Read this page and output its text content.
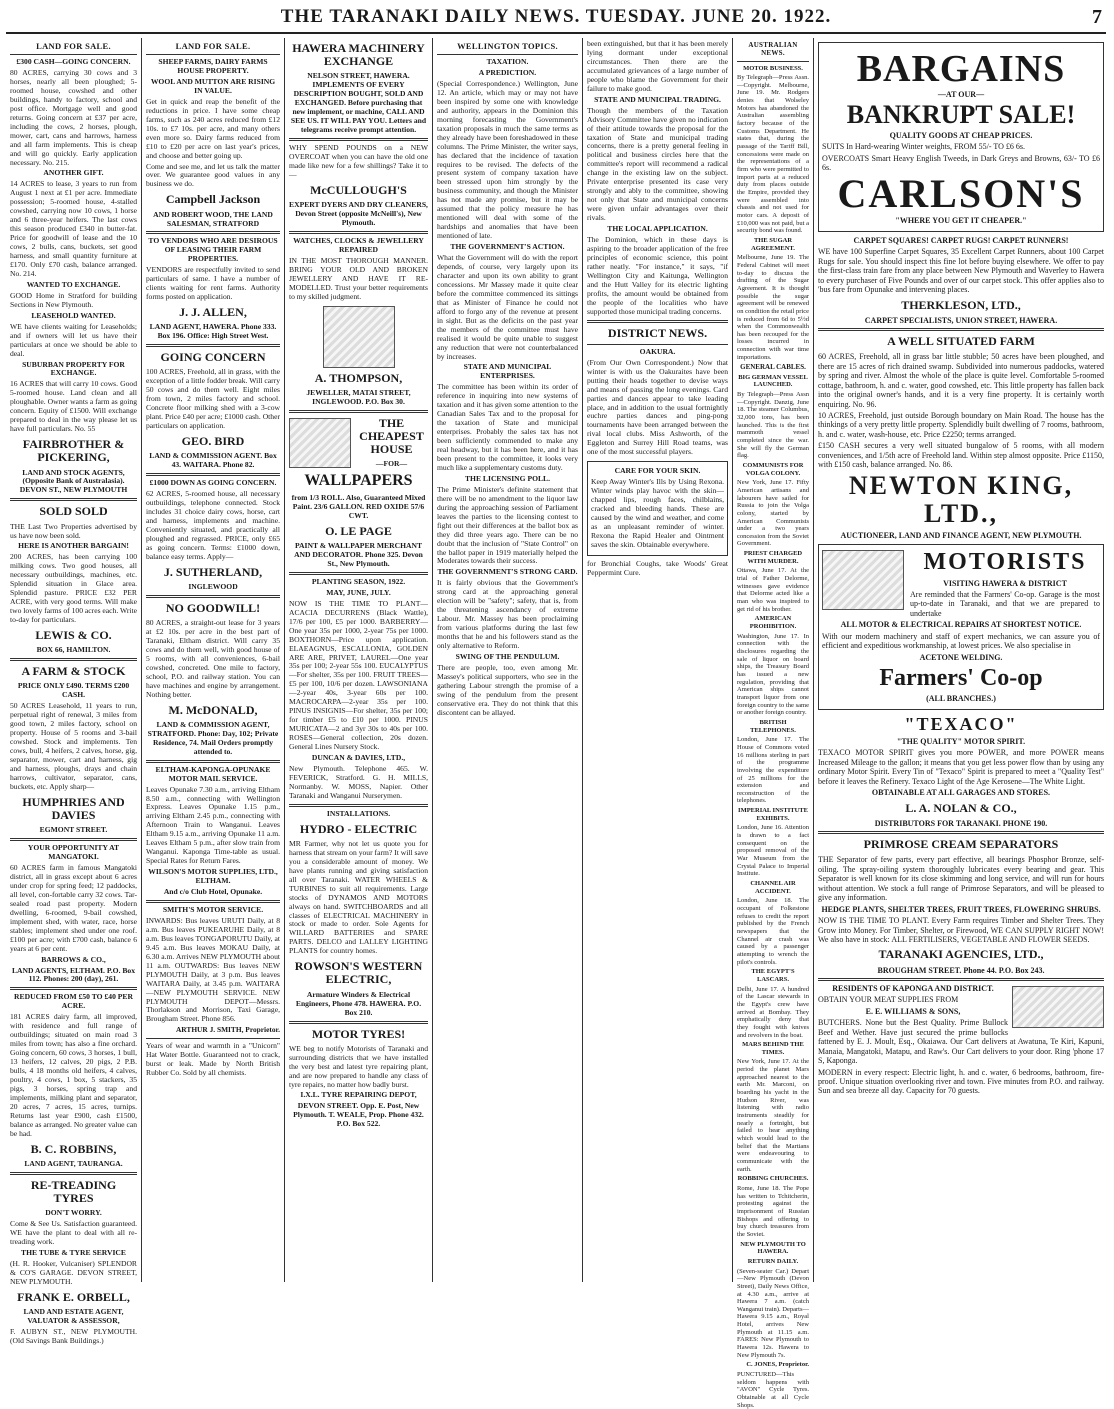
THE TARANAKI DAILY NEWS. TUESDAY. JUNE 20. 1922.	7
LAND FOR SALE.
£300 CASH—GOING CONCERN.
80 ACRES, carrying 30 cows and 3 horses, nearly all been ploughed; 5-roomed house, cowshed and other buildings, handy to factory, school and post office. Mortgage well and good returns. Going concern at £37 per acre, including the cows, 2 horses, plough, mower, cart, cans and harrows, harness and all farm implements. This is cheap and will go quickly. Early application necessary. No. 215.
ANOTHER GIFT.
14 ACRES to lease, 3 years to run from August 1 next at £1 per acre. Immediate possession; 5-roomed house, 4-stalled cowshed, carrying now 10 cows, 1 horse and 6 three-year heifers. The last cows this season produced £340 in butter-fat. Price for goodwill of lease and the 10 cows, 2 bulls, cans, buckets, set good harness, and small quantity furniture at £170. Only £70 cash, balance arranged. No. 214.
WANTED TO EXCHANGE.
GOOD Home in Stratford for building Sections in New Plymouth.
LEASEHOLD WANTED.
WE have clients waiting for Leaseholds; and if owners will let us have their particulars at once we should be able to deal.
SUBURBAN PROPERTY FOR EXCHANGE.
16 ACRES that will carry 10 cows. Good 5-roomed house. Land clean and all ploughable. Owner wants a farm as going concern. Equity of £1500. Will exchange prepared to deal in the way please let us have full particulars. No. 55
FAIRBROTHER & PICKERING,
LAND AND STOCK AGENTS, (Opposite Bank of Australasia). DEVON ST., NEW PLYMOUTH
SOLD SOLD
THE Last Two Properties advertised by us have now been sold.
HERE IS ANOTHER BARGAIN!
200 ACRES, has been carrying 100 milking cows. Two good houses, all necessary outbuildings, machines, etc. Splendid situation in Glace area. Splendid pasture. PRICE £32 PER ACRE, with very good terms. Will make two lovely farms of 100 acres each. Write to-day for particulars.
LEWIS & CO.
BOX 66, HAMILTON.
A FARM & STOCK
PRICE ONLY £490. TERMS £200 CASH.
50 ACRES Leasehold, 11 years to run, perpetual right of renewal, 3 miles from good town, 2 miles factory, school on property. House of 5 rooms and 3-bail cowshed. Stock and implements. Ten cows, bull, 4 heifers, 2 calves, horse, gig, separator, mower, cart and harness, gig and harness, ploughs, drays and chain harrows, cultivator, separator, cans, buckets, etc. Apply sharp—
HUMPHRIES AND DAVIES
EGMONT STREET.
YOUR OPPORTUNITY AT MANGATOKI.
60 ACRES farm in famous Mangatoki district, all in grass except about 6 acres under crop for spring feed; 12 paddocks, all level, con-fortable carry 32 cows. Tar-sealed road past property. Modern dwelling, 6-roomed, 9-bail cowshed, implement shed, with water, race, horse stables; implement shed under one roof. £100 per acre; with £700 cash, balance 6 years at 6 per cent.
BARROWS & CO.,
LAND AGENTS, ELTHAM. P.O. Box 112. Phones: 200 (day), 261.
REDUCED FROM £50 TO £40 PER ACRE.
181 ACRES dairy farm, all improved, with residence and full range of outbuildings; situated on main road 3 miles from town; has also a fine orchard. Going concern, 60 cows, 3 horses, 1 bull, 13 heifers, 12 calves, 20 pigs, 2 P.B. bulls, 4 18 months old heifers, 4 calves, poultry, 4 cows, 1 box, 5 stackers, 35 pigs, 3 horses, spring trap and implements, milking plant and separator, 20 acres, 7 acres, 15 acres, turnips. Returns last year £900, cash £1500, balance as arranged. No greater value can be had.
B. C. ROBBINS,
LAND AGENT, TAURANGA.
RE-TREADING TYRES
DON'T WORRY.
Come & See Us. Satisfaction guaranteed. WE have the plant to deal with all re-treading work.
THE TUBE & TYRE SERVICE
(H. R. Hooker, Vulcaniser) SPLENDOR & CO'S GARAGE. DEVON STREET, NEW PLYMOUTH.
FRANK E. ORBELL,
LAND AND ESTATE AGENT, VALUATOR & ASSESSOR,
F. AUBYN ST., NEW PLYMOUTH. (Old Savings Bank Buildings.)
LAND FOR SALE.
SHEEP FARMS, DAIRY FARMS HOUSE PROPERTY.
WOOL AND MUTTON ARE RISING IN VALUE.
Get in quick and reap the benefit of the reductions in price. I have some cheap farms, such as 240 acres reduced from £12 10s. to £7 10s. per acre, and many others even more so. Dairy farms reduced from £10 to £20 per acre on last year's prices, and choose and better going up.
Come and see me, and let us talk the matter over. We guarantee good values in any business we do.
Campbell Jackson
AND ROBERT WOOD, THE LAND SALESMAN, STRATFORD
TO VENDORS WHO ARE DESIROUS OF LEASING THEIR FARM PROPERTIES.
VENDORS are respectfully invited to send particulars of same. I have a number of clients waiting for rent farms. Authority forms posted on application.
J. J. ALLEN,
LAND AGENT, HAWERA. Phone 333. Box 196. Office: High Street West.
GOING CONCERN
100 ACRES, Freehold, all in grass, with the exception of a little fodder break. Will carry 50 cows and do them well. Eight miles from town, 2 miles factory and school. Concrete floor milking shed with a 3-cow plant. Price £40 per acre; £1000 cash. Other particulars on application.
GEO. BIRD
LAND & COMMISSION AGENT. Box 43. WAITARA. Phone 82.
£1000 DOWN AS GOING CONCERN.
62 ACRES, 5-roomed house, all necessary outbuildings, telephone connected. Stock includes 31 choice dairy cows, horse, cart and harness, implements and machine. Conveniently situated, and practically all ploughed and regrassed. PRICE, only £65 as going concern. Terms: £1000 down, balance easy terms. Apply—
J. SUTHERLAND,
INGLEWOOD
NO GOODWILL!
80 ACRES, a straight-out lease for 3 years at £2 10s. per acre in the best part of Taranaki, Eltham district. Will carry 35 cows and do them well, with good house of 5 rooms, with all conveniences, 6-bail cowshed, concreted. One mile to factory, school, P.O. and railway station. You can have machines and engine by arrangement. Nothing better.
M. McDONALD,
LAND & COMMISSION AGENT, STRATFORD. Phone: Day, 102; Private Residence, 74. Mail Orders promptly attended to.
ELTHAM-KAPONGA-OPUNAKE MOTOR MAIL SERVICE.
Leaves Opunake 7.30 a.m., arriving Eltham 8.50 a.m., connecting with Wellington Express. Leaves Opunake 1.15 p.m., arriving Eltham 2.45 p.m., connecting with Afternoon Train to Wanganui. Leaves Eltham 9.15 a.m., arriving Opunake 11 a.m. Leaves Eltham 5 p.m., after slow train from Wanganui. Kaponga Time-table as usual. Special Rates for Return Fares.
WILSON'S MOTOR SUPPLIES, LTD., ELTHAM.
And c/o Club Hotel, Opunake.
SMITH'S MOTOR SERVICE.
INWARDS: Bus leaves URUTI Daily, at 8 a.m. Bus leaves PUKEARUHE Daily, at 8 a.m. Bus leaves TONGAPORUTU Daily, at 9.45 a.m. Bus leaves MOKAU Daily, at 6.30 a.m. Arrives NEW PLYMOUTH about 11 a.m. OUTWARDS: Bus leaves NEW PLYMOUTH Daily, at 3 p.m. Bus leaves WAITARA Daily, at 3.45 p.m. WAITARA—NEW PLYMOUTH SERVICE. NEW PLYMOUTH DEPOT—Messrs. Thorlakson and Morrison, Taxi Garage, Brougham Street. Phone 856.
ARTHUR J. SMITH, Proprietor.
Years of wear and warmth in a "Unicorn" Hat Water Bottle. Guaranteed not to crack, burst or leak. Made by North British Rubber Co. Sold by all chemists.
HAWERA MACHINERY EXCHANGE
NELSON STREET, HAWERA. IMPLEMENTS OF EVERY DESCRIPTION BOUGHT, SOLD AND EXCHANGED. Before purchasing that new implement, or machine, CALL AND SEE US. IT WILL PAY YOU. Letters and telegrams receive prompt attention.
WHY SPEND POUNDS on a NEW OVERCOAT when you can have the old one made like new for a few shillings? Take it to—
McCULLOUGH'S
EXPERT DYERS AND DRY CLEANERS, Devon Street (opposite McNeill's), New Plymouth.
WATCHES, CLOCKS & JEWELLERY REPAIRED
IN THE MOST THOROUGH MANNER. BRING YOUR OLD AND BROKEN JEWELLERY AND HAVE IT RE-MODELLED. Trust your better requirements to my skilled judgment.
A. THOMPSON,
JEWELLER, MATAI STREET, INGLEWOOD. P.O. Box 30.
THE CHEAPEST HOUSE
—FOR—
WALLPAPERS
from 1/3 ROLL. Also, Guaranteed Mixed Paint. 23/6 GALLON. RED OXIDE 57/6 CWT.
O. LE PAGE
PAINT & WALLPAPER MERCHANT AND DECORATOR. Phone 325. Devon St., New Plymouth.
PLANTING SEASON, 1922.
MAY, JUNE, JULY.
NOW IS THE TIME TO PLANT— ACACIA DECURRENS (Black Wattle), 17/6 per 100, £5 per 1000. BARBERRY—One year 35s per 1000, 2-year 75s per 1000. BOXTHORN—Price upon application. ELAEAGNUS, ESCALLONIA, GOLDEN ARE ARE, PRIVET, LAUREL—One year 35s per 100; 2-year 55s 100. EUCALYPTUS—For shelter, 35s per 100. FRUIT TREES—£5 per 100, 10/6 per dozen. LAWSONIANA—2-year 40s, 3-year 60s per 100. MACROCARPA—2-year 35s per 100. PINUS INSIGNIS—For shelter, 35s per 100; for timber £5 to £10 per 1000. PINUS MURICATA—2 and 3yr 30s to 40s per 100. ROSES—General collection, 20s dozen. General Lines Nursery Stock.
DUNCAN & DAVIES, LTD.,
New Plymouth. Telephone 465. W. FEVERICK, Stratford. G. H. MILLS, Normanby. W. MOSS, Napier. Other Taranaki and Wanganui Nurserymen.
INSTALLATIONS.
HYDRO - ELECTRIC
MR Farmer, why not let us quote you for harness that stream on your farm? It will save you a considerable amount of money. We have plants running and giving satisfaction all over Taranaki. WATER WHEELS & TURBINES to suit all requirements. Large stocks of DYNAMOS AND MOTORS always on hand. SWITCHBOARDS and all classes of ELECTRICAL MACHINERY in stock or made to order. Sole Agents for WILLARD BATTERIES and SPARE PARTS. DELCO and LALLEY LIGHTING PLANTS for country homes.
ROWSON'S WESTERN ELECTRIC,
Armature Winders & Electrical Engineers, Phone 478. HAWERA. P.O. Box 210.
MOTOR TYRES!
WE beg to notify Motorists of Taranaki and surrounding districts that we have installed the very best and latest tyre repairing plant, and are now prepared to handle any class of tyre repairs, no matter how badly burst.
I.X.L. TYRE REPAIRING DEPOT,
DEVON STREET. Opp. E. Post, New Plymouth. T. WEALE, Prop. Phone 432. P.O. Box 522.
WELLINGTON TOPICS.
TAXATION.
A PREDICTION.
(Special Correspondence.) Wellington, June 12. An article, which may or may not have been inspired by some one with knowledge and authority, appears in the Dominion this morning forecasting the Government's taxation proposals in much the same terms as they already have been foreshadowed in these columns. The Prime Minister, the writer says, has declared that the incidence of taxation requires to be revised. The defects of the present system of company taxation have been stressed upon him strongly by the business community, and though the Minister has not made any promise, but it may be assumed that the policy measure he has mentioned will deal with some of the hardships and anomalies that have been mentioned of late.
THE GOVERNMENT'S ACTION.
What the Government will do with the report depends, of course, very largely upon its character and upon its own ability to grant concessions. Mr Massey made it quite clear before the committee commenced its sittings that as Minister of Finance he could not afford to forgo any of the revenue at present in sight. But as the deficits on the past year the members of the committee must have realised it would be quite unable to suggest any reduction that were not counterbalanced by increases.
STATE AND MUNICIPAL ENTERPRISES.
The committee has been within its order of reference in inquiring into new systems of taxation and it has given some attention to the Canadian Sales Tax and to the proposal for the taxation of State and municipal enterprises. Probably the sales tax has not been sufficiently commended to make any real headway, but it has been here, and it has been present to the committee, it looks very much like a supplementary customs duty.
THE LICENSING POLL.
The Prime Minister's definite statement that there will be no amendment to the liquor law during the approaching session of Parliament leaves the parties to the licensing contest to fight out their differences at the ballot box as they did three years ago. There can be no doubt that the inclusion of "State Control" on the ballot paper in 1919 materially helped the Moderates towards their success.
THE GOVERNMENT'S STRONG CARD.
It is fairly obvious that the Government's strong card at the approaching general election will be "safety"; safety, that is, from the threatening ascendancy of extreme Labour. Mr. Massey has been proclaiming from various platforms during the last few months that he and his followers stand as the only alternative to Reform.
SWING OF THE PENDULUM.
There are people, too, even among Mr. Massey's political supporters, who see in the gathering Labour strength the promise of a swing of the pendulum from the present conservative era. They do not think that this discontent can be allayed.
been extinguished, but that it has been merely lying dormant under exceptional circumstances. Then there are the accumulated grievances of a large number of people who blame the Government for their failure to make good.
STATE AND MUNICIPAL TRADING.
Though the members of the Taxation Advisory Committee have given no indication of their attitude towards the proposal for the taxation of State and municipal trading concerns, there is a pretty general feeling in political and business circles here that the committee's report will recommend a radical change in the existing law on the subject. Private enterprise presented its case very strongly and ably to the committee, showing not only that State and municipal concerns were given unfair advantages over their rivals.
THE LOCAL APPLICATION.
The Dominion, which in these days is aspiring to the broader application of the free principles of economic science, this point rather neatly. "For instance," it says, "if Wellington City and Kaitunga, Wellington and the Hutt Valley for its electric lighting profits, the amount would be obtained from the people of the localities who have supported those municipal trading concerns.
DISTRICT NEWS.
OAKURA.
(From Our Own Correspondent.) Now that winter is with us the Oakuraites have been putting their heads together to devise ways and means of passing the long evenings. Card parties and dances appear to take leading place, and in addition to the usual fortnightly euchre parties dances and ping-pong tournaments have been arranged between the rival local clubs. Miss Ashworth, of the Eggleton and Surrey Hill Road teams, was one of the most successful players.
CARE FOR YOUR SKIN.
Keep Away Winter's Ills by Using Rexona. Winter winds play havoc with the skin—chapped lips, rough faces, chilblains, cracked and bleeding hands. These are caused by the wind and weather, and come as an unpleasant reminder of winter. Rexona the Rapid Healer and Ointment saves the skin. Obtainable everywhere.
for Bronchial Coughs, take Woods' Great Peppermint Cure.
BARGAINS
—AT OUR—
BANKRUPT SALE!
QUALITY GOODS AT CHEAP PRICES.
SUITS In Hard-wearing Winter weights, FROM 55/- TO £6 6s.
OVERCOATS Smart Heavy English Tweeds, in Dark Greys and Browns, 63/- TO £6 6s.
CARLSON'S
"WHERE YOU GET IT CHEAPER."
CARPET SQUARES! CARPET RUGS! CARPET RUNNERS!
WE have 100 Superfine Carpet Squares, 35 Excellent Carpet Runners, about 100 Carpet Rugs for sale. You should inspect this fine lot before buying elsewhere. We offer to pay the first-class train fare from any place between New Plymouth and Waverley to Hawera to every purchaser of Five Pounds and over of our carpet stock. This offer applies also to 'bus fare from Opunake and intervening places.
THERKLESON, LTD.,
CARPET SPECIALISTS, UNION STREET, HAWERA.
A WELL SITUATED FARM
60 ACRES, Freehold, all in grass bar little stubble; 50 acres have been ploughed, and there are 15 acres of rich drained swamp. Subdivided into numerous paddocks, watered by spring and river. Almost the whole of the place is quite level. Comfortable 5-roomed cottage, bathroom, h. and c. water, good cowshed, etc. This little property has fallen back into the original owner's hands, and it is a very fine property. It is certainly worth enquiring. No. 96.
10 ACRES, Freehold, just outside Borough boundary on Main Road. The house has the thinkings of a very pretty little property. Splendidly built dwelling of 7 rooms, bathroom, h. and c. water, wash-house, etc. Price £2250; terms arranged.
£150 CASH secures a very well situated bungalow of 5 rooms, with all modern conveniences, and 1/5th acre of Freehold land. Within step almost opposite. Price £1150, with £150 cash, balance arranged. No. 86.
NEWTON KING, LTD.,
AUCTIONEER, LAND AND FINANCE AGENT, NEW PLYMOUTH.
MOTORISTS
VISITING HAWERA & DISTRICT
Are reminded that the Farmers' Co-op. Garage is the most up-to-date in Taranaki, and that we are prepared to undertake
ALL MOTOR & ELECTRICAL REPAIRS AT SHORTEST NOTICE.
With our modern machinery and staff of expert mechanics, we can assure you of efficient and expeditious workmanship, at lowest prices. We also specialise in
ACETONE WELDING.
Farmers' Co-op
(ALL BRANCHES.)
"TEXACO"
"THE QUALITY" MOTOR SPIRIT.
TEXACO MOTOR SPIRIT gives you more POWER, and more POWER means Increased Mileage to the gallon; it means that you get less power flow than by using any ordinary Motor Spirit. Every Tin of "Texaco" Spirit is prepared to meet a "Quality Test" before it leaves the Refinery. Texaco Light of the Age Kerosene—The White Light.
OBTAINABLE AT ALL GARAGES AND STORES.
L. A. NOLAN & CO.,
DISTRIBUTORS FOR TARANAKI. PHONE 190.
PRIMROSE CREAM SEPARATORS
THE Separator of few parts, every part effective, all bearings Phosphor Bronze, self-oiling. The spray-oiling system thoroughly lubricates every bearing and gear. This Separator is well known for its close skimming and long service, and will run for hours without attention. We stock a full range of Primrose Separators, and will be pleased to give any information.
HEDGE PLANTS, SHELTER TREES, FRUIT TREES, FLOWERING SHRUBS.
NOW IS THE TIME TO PLANT. Every Farm requires Timber and Shelter Trees. They Grow into Money. For Timber, Shelter, or Firewood, WE CAN SUPPLY RIGHT NOW! We also have in stock: ALL FERTILISERS, VEGETABLE AND FLOWER SEEDS.
TARANAKI AGENCIES, LTD.,
BROUGHAM STREET. Phone 44. P.O. Box 243.
RESIDENTS OF KAPONGA AND DISTRICT.
OBTAIN YOUR MEAT SUPPLIES FROM
E. E. WILLIAMS & SONS,
BUTCHERS. None but the Best Quality. Prime Bullock Beef and Wether. Have just secured the prime bullocks fattened by E. J. Moult, Esq., Okaiawa. Our Cart delivers at Awatuna, Te Kiri, Kapuni, Manaia, Mangatoki, Matapu, and Raw's. Our Cart delivers to your door. Ring 'phone 17 S, Kaponga.
MODERN in every respect: Electric light, h. and c. water, 6 bedrooms, bathroom, fire-proof. Unique situation overlooking river and town. Five minutes from P.O. and railway. Sun and sea breeze all day. Capacity for 70 guests.
AUSTRALIAN NEWS.
MOTOR BUSINESS.
By Telegraph—Press Assn.—Copyright. Melbourne, June 19. Mr. Rodgers denies that Wolseley Motors has abandoned the Australian assembling factory because of the Customs Department. He states that, during the passage of the Tariff Bill, concessions were made on the representations of a firm who were permitted to import parts at a reduced duty from places outside the Empire, provided they were assembled into chassis and not used for motor cars. A deposit of £10,000 was not paid, but a security bond was found.
THE SUGAR AGREEMENT.
Melbourne, June 19. The Federal Cabinet will meet to-day to discuss the drafting of the Sugar Agreement. It is thought possible the sugar agreement will be renewed on condition the retail price is reduced from 6d to 5½d when the Commonwealth has been recouped for the losses incurred in connection with war time importations.
GENERAL CABLES.
BIG GERMAN VESSEL LAUNCHED.
By Telegraph—Press Assn—Copyright. Danzig, June 18. The steamer Columbus, 32,000 tons, has been launched. This is the first mammoth vessel completed since the war. She will fly the German flag.
COMMUNISTS FOR VOLGA COLONY.
New York, June 17. Fifty American artisans and labourers have sailed for Russia to join the Volga colony, started by American Communists under a two years concession from the Soviet Government.
PRIEST CHARGED WITH MURDER.
Ottawa, June 17. At the trial of Father Delorme, witnesses gave evidence that Delorme acted like a man who was inspired to get rid of his brother.
AMERICAN PROHIBITION.
Washington, June 17. In connection with the disclosures regarding the sale of liquor on board ships, the Treasury Board has issued a new regulation, providing that American ships cannot transport liquor from one foreign country to the same or another foreign country.
BRITISH TELEPHONES.
London, June 17. The House of Commons voted 16 millions sterling in part of the programme involving the expenditure of 25 millions for the extension and reconstruction of the telephones.
IMPERIAL INSTITUTE EXHIBITS.
London, June 16. Attention is drawn to a fact consequent on the proposed removal of the War Museum from the Crystal Palace to Imperial Institute.
CHANNEL AIR ACCIDENT.
London, June 18. The occupant of Folkestone refuses to credit the report published by the French newspapers that the Channel air crash was caused by a passenger attempting to wrench the pilot's controls.
THE EGYPT'S LASCARS.
Delhi, June 17. A hundred of the Lascar stewards in the Egypt's crew have arrived at Bombay. They emphatically deny that they fought with knives and revolvers in the boat.
MARS BEHIND THE TIMES.
New York, June 17. At the period the planet Mars approached nearest to the earth Mr. Marconi, on boarding his yacht in the Hudson River, was listening with radio instruments steadily for nearly a fortnight, but failed to hear anything which would lead to the belief that the Martians were endeavouring to communicate with the earth.
ROBBING CHURCHES.
Rome, June 18. The Pope has written to Tchitcherin, protesting against the imprisonment of Russian Bishops and offering to buy church treasures from the Soviet.
NEW PLYMOUTH TO HAWERA.
RETURN DAILY.
(Seven-seater Car.) Depart—New Plymouth (Devon Street), Daily News Office, at 4.30 a.m., arrive at Hawera 7 a.m. (catch Wanganui train). Departs—Hawera 9.15 a.m., Royal Hotel, arrives New Plymouth at 11.15 a.m. FARES: New Plymouth to Hawera 12s. Hawera to New Plymouth 7s.
C. JONES, Proprietor.
PUNCTURED—This seldom happens with "AVON" Cycle Tyres. Obtainable at all Cycle Shops.
